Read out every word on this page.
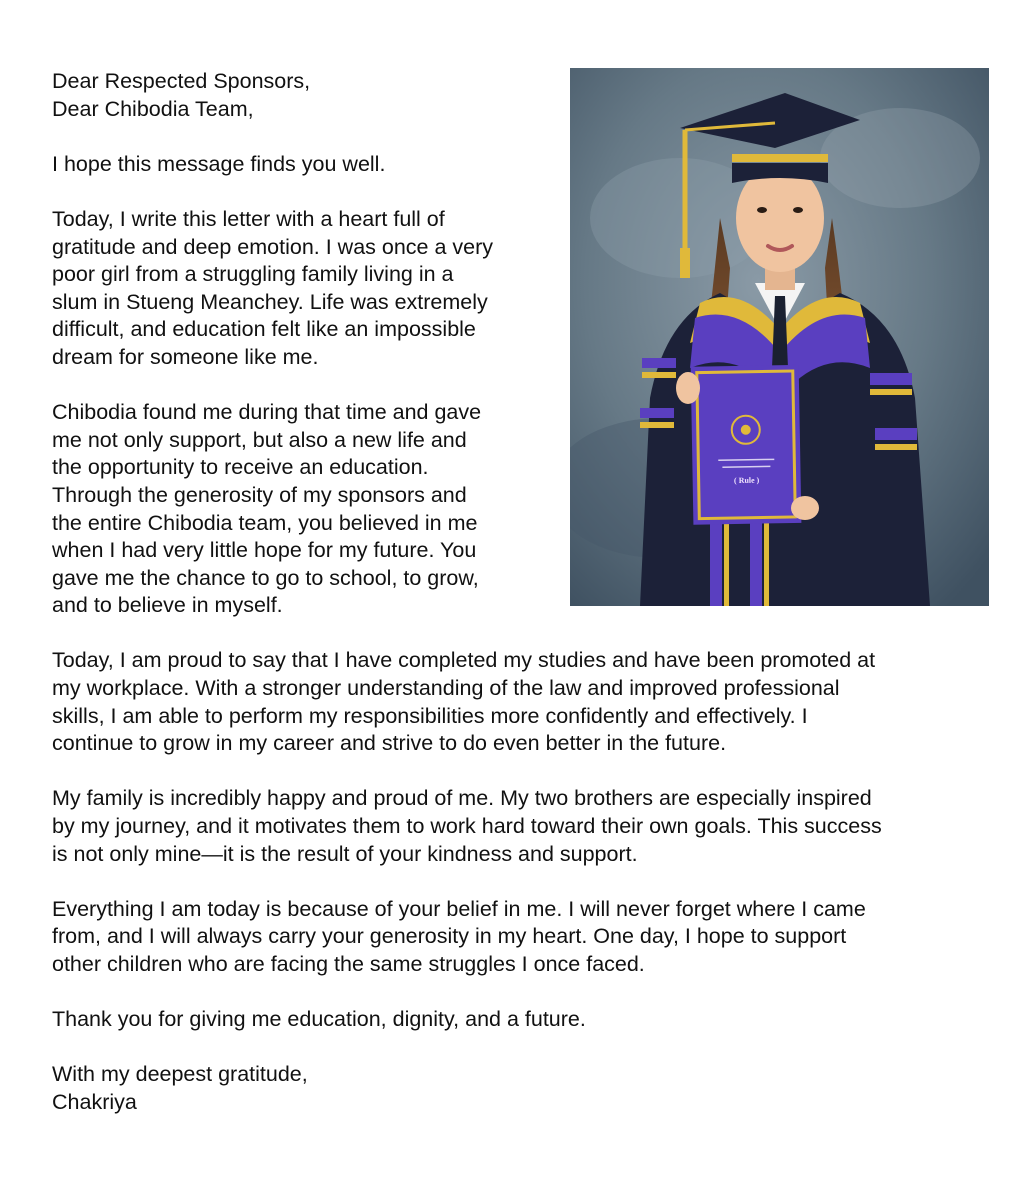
Dear Respected Sponsors,
Dear Chibodia Team,
I hope this message finds you well.
Today, I write this letter with a heart full of
gratitude and deep emotion. I was once a very
poor girl from a struggling family living in a
slum in Stueng Meanchey. Life was extremely
difficult, and education felt like an impossible
dream for someone like me.
Chibodia found me during that time and gave
me not only support, but also a new life and
the opportunity to receive an education.
Through the generosity of my sponsors and
the entire Chibodia team, you believed in me
when I had very little hope for my future. You
gave me the chance to go to school, to grow,
and to believe in myself.
Today, I am proud to say that I have completed my studies and have been promoted at
my workplace. With a stronger understanding of the law and improved professional
skills, I am able to perform my responsibilities more confidently and effectively. I
continue to grow in my career and strive to do even better in the future.
My family is incredibly happy and proud of me. My two brothers are especially inspired
by my journey, and it motivates them to work hard toward their own goals. This success
is not only mine—it is the result of your kindness and support.
Everything I am today is because of your belief in me. I will never forget where I came
from, and I will always carry your generosity in my heart. One day, I hope to support
other children who are facing the same struggles I once faced.
Thank you for giving me education, dignity, and a future.
With my deepest gratitude,
Chakriya
( Rule )
